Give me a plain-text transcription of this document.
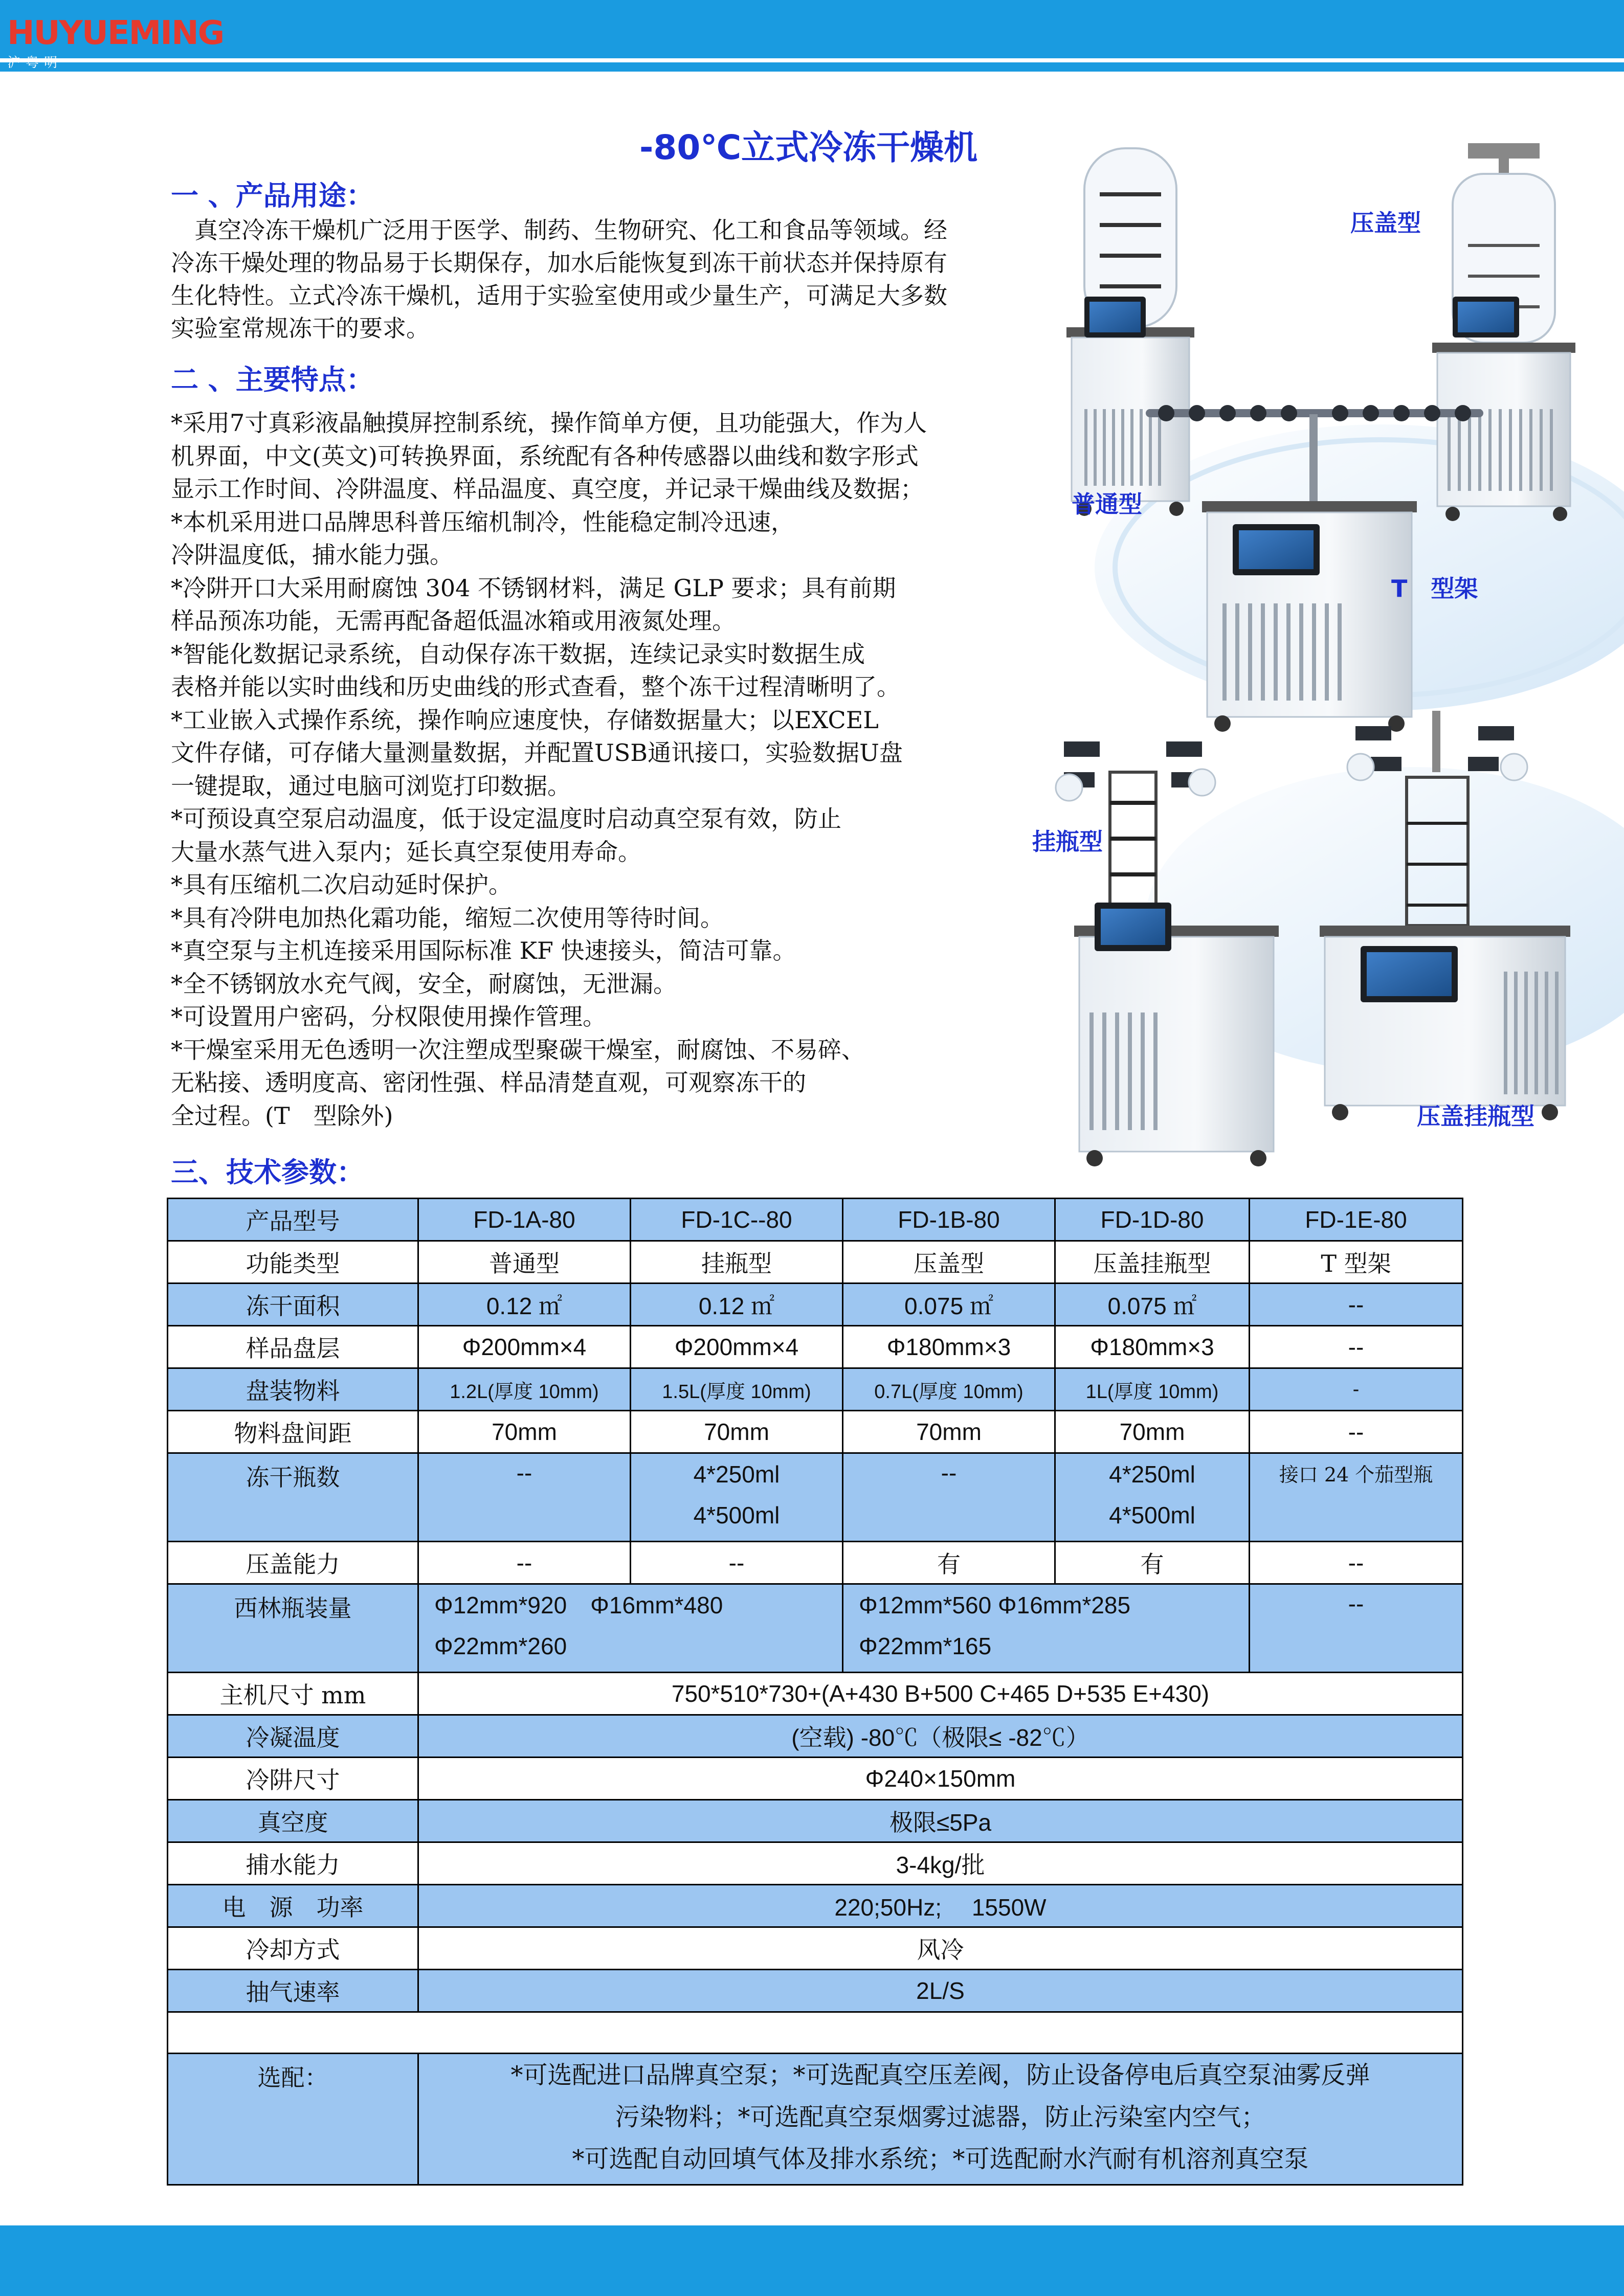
HUYUEMING
沪粤明
-80℃立式冷冻干燥机
一 、产品用途：

　真空冷冻干燥机广泛用于医学、制药、生物研究、化工和食品等领域。经

冷冻干燥处理的物品易于长期保存，加水后能恢复到冻干前状态并保持原有

生化特性。立式冷冻干燥机，适用于实验室使用或少量生产，可满足大多数

实验室常规冻干的要求。

二 、主要特点：

*采用7寸真彩液晶触摸屏控制系统，操作简单方便，且功能强大，作为人

机界面，中文(英文)可转换界面，系统配有各种传感器以曲线和数字形式

显示工作时间、冷阱温度、样品温度、真空度，并记录干燥曲线及数据；

*本机采用进口品牌思科普压缩机制冷，性能稳定制冷迅速，

冷阱温度低，捕水能力强。

*冷阱开口大采用耐腐蚀 304 不锈钢材料，满足 GLP 要求；具有前期

样品预冻功能，无需再配备超低温冰箱或用液氮处理。

*智能化数据记录系统，自动保存冻干数据，连续记录实时数据生成

表格并能以实时曲线和历史曲线的形式查看，整个冻干过程清晰明了。

*工业嵌入式操作系统，操作响应速度快，存储数据量大；以EXCEL

文件存储，可存储大量测量数据，并配置USB通讯接口，实验数据U盘

一键提取，通过电脑可浏览打印数据。

*可预设真空泵启动温度，低于设定温度时启动真空泵有效，防止

大量水蒸气进入泵内；延长真空泵使用寿命。

*具有压缩机二次启动延时保护。

*具有冷阱电加热化霜功能，缩短二次使用等待时间。

*真空泵与主机连接采用国际标准 KF 快速接头，简洁可靠。

*全不锈钢放水充气阀，安全，耐腐蚀，无泄漏。

*可设置用户密码，分权限使用操作管理。

*干燥室采用无色透明一次注塑成型聚碳干燥室，耐腐蚀、不易碎、

无粘接、透明度高、密闭性强、样品清楚直观，可观察冻干的

全过程。(T　型除外)

压盖型
普通型
T　型架
挂瓶型
压盖挂瓶型
三、技术参数：
产品型号	FD-1A-80	FD-1C--80	FD-1B-80	FD-1D-80	FD-1E-80
功能类型	普通型	挂瓶型	压盖型	压盖挂瓶型	T 型架
冻干面积	0.12 ㎡	0.12 ㎡	0.075 ㎡	0.075 ㎡	--
样品盘层	Φ200mm×4	Φ200mm×4	Φ180mm×3	Φ180mm×3	--
盘装物料	1.2L(厚度 10mm)	1.5L(厚度 10mm)	0.7L(厚度 10mm)	1L(厚度 10mm)	-
物料盘间距	70mm	70mm	70mm	70mm	--
冻干瓶数	--	4*250ml
4*500ml	--	4*250ml
4*500ml	接口 24 个茄型瓶
压盖能力	--	--	有	有	--
西林瓶装量	Φ12mm*920　Φ16mm*480
Φ22mm*260		Φ12mm*560 Φ16mm*285
Φ22mm*165		--
主机尺寸 mm	750*510*730+(A+430 B+500 C+465 D+535 E+430)				
冷凝温度	(空载) -80℃（极限≤ -82℃）				
冷阱尺寸	Φ240×150mm				
真空度	极限≤5Pa				
捕水能力	3-4kg/批				
电　源　功率	220;50Hz;　 1550W				
冷却方式	风冷				
抽气速率	2L/S				

选配：	*可选配进口品牌真空泵；*可选配真空压差阀，防止设备停电后真空泵油雾反弹
污染物料；*可选配真空泵烟雾过滤器，防止污染室内空气；
*可选配自动回填气体及排水系统；*可选配耐水汽耐有机溶剂真空泵				
